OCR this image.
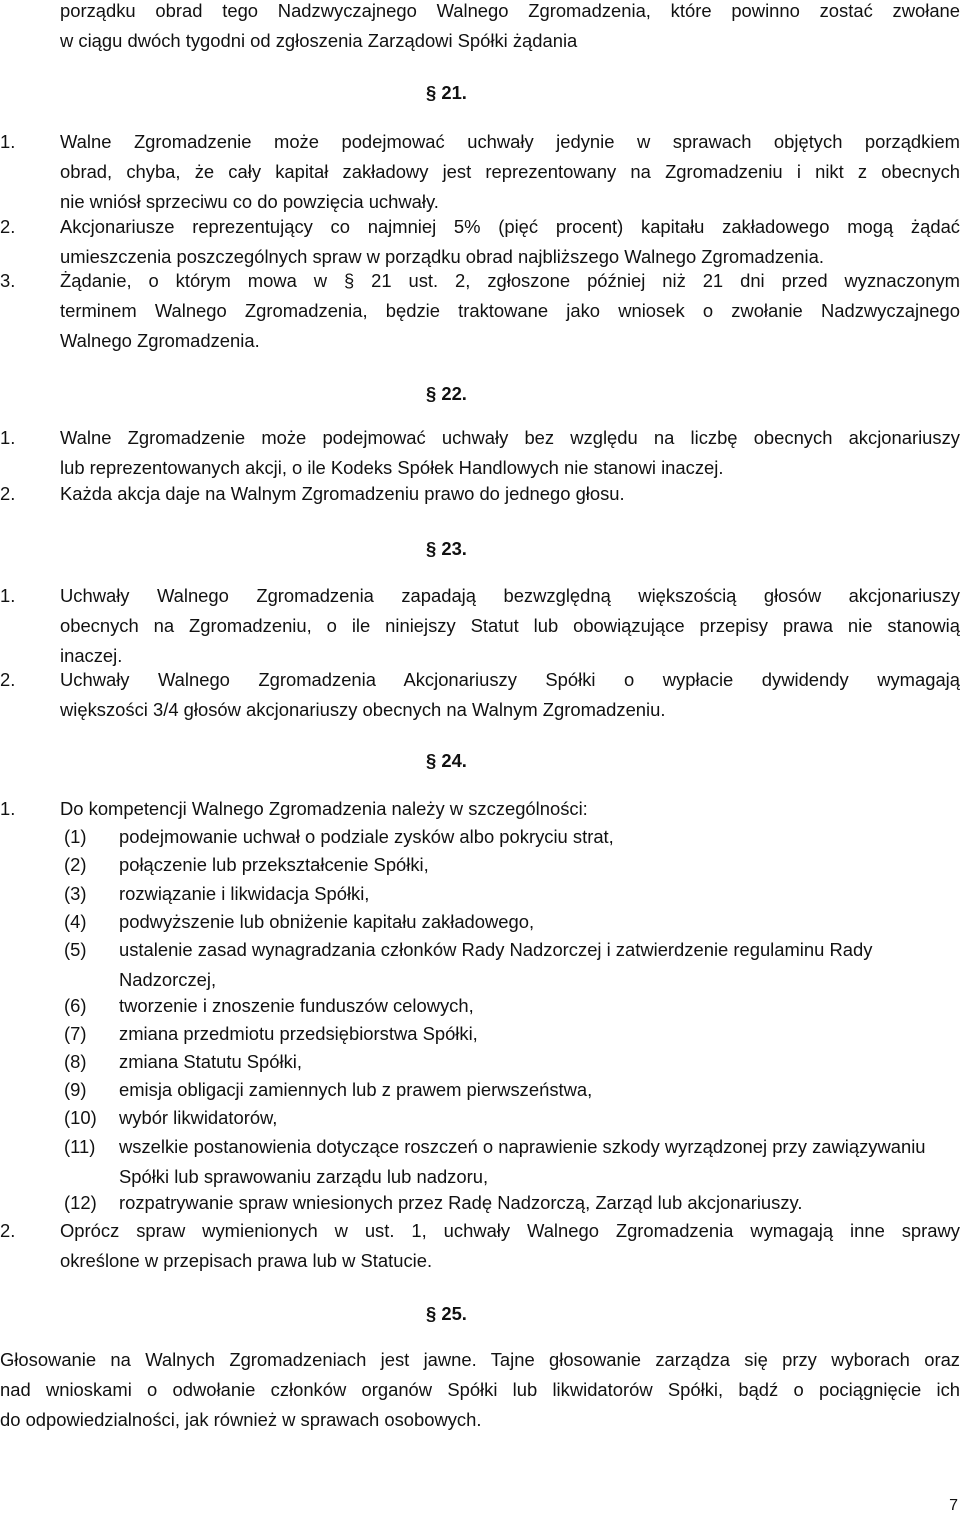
porządku obrad tego Nadzwyczajnego Walnego Zgromadzenia, które powinno zostać zwołane
w ciągu dwóch tygodni od zgłoszenia Zarządowi Spółki żądania
§ 21.
1. Walne Zgromadzenie może podejmować uchwały jedynie w sprawach objętych porządkiem
obrad, chyba, że cały kapitał zakładowy jest reprezentowany na Zgromadzeniu i nikt z obecnych
nie wniósł sprzeciwu co do powzięcia uchwały.
2. Akcjonariusze reprezentujący co najmniej 5% (pięć procent) kapitału zakładowego mogą żądać
umieszczenia poszczególnych spraw w porządku obrad najbliższego Walnego Zgromadzenia.
3. Żądanie, o którym mowa w § 21 ust. 2, zgłoszone później niż 21 dni przed wyznaczonym
terminem Walnego Zgromadzenia, będzie traktowane jako wniosek o zwołanie Nadzwyczajnego
Walnego Zgromadzenia.
§ 22.
1. Walne Zgromadzenie może podejmować uchwały bez względu na liczbę obecnych akcjonariuszy
lub reprezentowanych akcji, o ile Kodeks Spółek Handlowych nie stanowi inaczej.
2. Każda akcja daje na Walnym Zgromadzeniu prawo do jednego głosu.
§ 23.
1. Uchwały Walnego Zgromadzenia zapadają bezwzględną większością głosów akcjonariuszy
obecnych na Zgromadzeniu, o ile niniejszy Statut lub obowiązujące przepisy prawa nie stanowią
inaczej.
2. Uchwały Walnego Zgromadzenia Akcjonariuszy Spółki o wypłacie dywidendy wymagają
większości 3/4 głosów akcjonariuszy obecnych na Walnym Zgromadzeniu.
§ 24.
1. Do kompetencji Walnego Zgromadzenia należy w szczególności:
(1) podejmowanie uchwał o podziale zysków albo pokryciu strat,
(2) połączenie lub przekształcenie Spółki,
(3) rozwiązanie i likwidacja Spółki,
(4) podwyższenie lub obniżenie kapitału zakładowego,
(5) ustalenie zasad wynagradzania członków Rady Nadzorczej i zatwierdzenie regulaminu Rady Nadzorczej,
(6) tworzenie i znoszenie funduszów celowych,
(7) zmiana przedmiotu przedsiębiorstwa Spółki,
(8) zmiana Statutu Spółki,
(9) emisja obligacji zamiennych lub z prawem pierwszeństwa,
(10) wybór likwidatorów,
(11) wszelkie postanowienia dotyczące roszczeń o naprawienie szkody wyrządzonej przy zawiązywaniu Spółki lub sprawowaniu zarządu lub nadzoru,
(12) rozpatrywanie spraw wniesionych przez Radę Nadzorczą, Zarząd lub akcjonariuszy.
2. Oprócz spraw wymienionych w ust. 1, uchwały Walnego Zgromadzenia wymagają inne sprawy
określone w przepisach prawa lub w Statucie.
§ 25.
Głosowanie na Walnych Zgromadzeniach jest jawne. Tajne głosowanie zarządza się przy wyborach oraz
nad wnioskami o odwołanie członków organów Spółki lub likwidatorów Spółki, bądź o pociągnięcie ich
do odpowiedzialności, jak również w sprawach osobowych.
7
